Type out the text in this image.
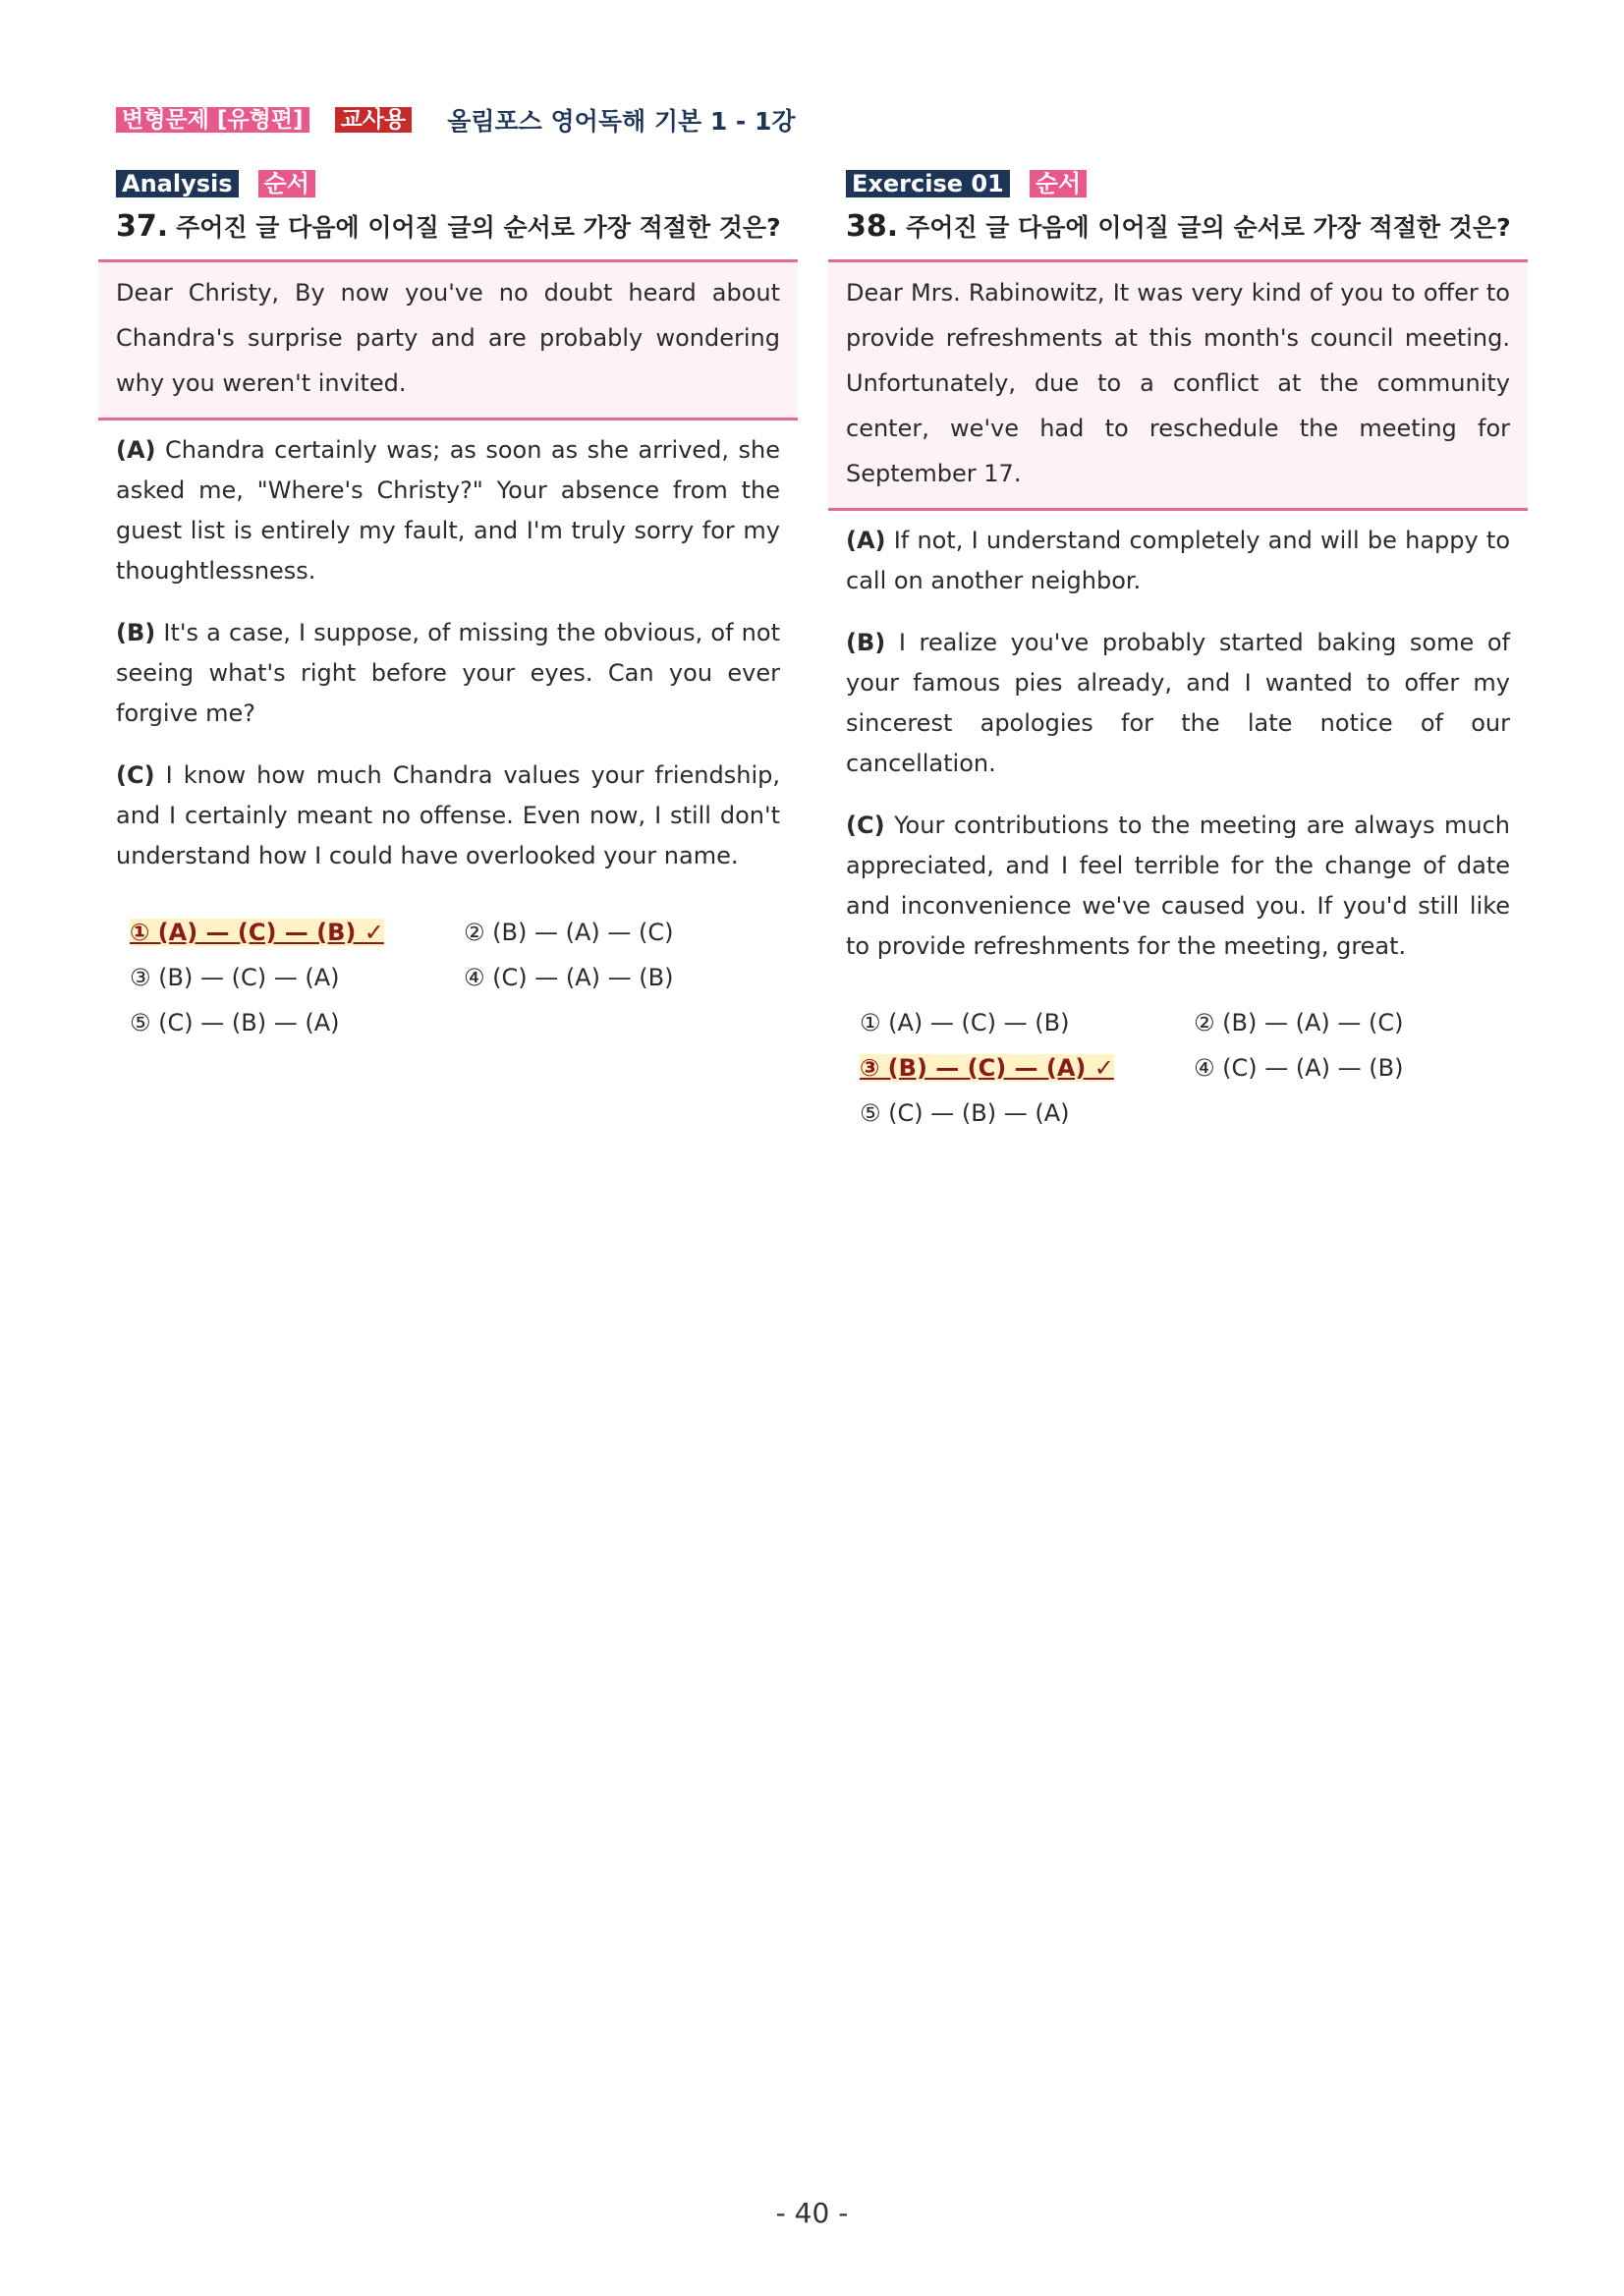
변형문제 [유형편] 교사용 올림포스 영어독해 기본 1 - 1강
Analysis 순서
37. 주어진 글 다음에 이어질 글의 순서로 가장 적절한 것은?
Dear Christy, By now you've no doubt heard about Chandra's surprise party and are probably wondering why you weren't invited.
(A) Chandra certainly was; as soon as she arrived, she asked me, "Where's Christy?" Your absence from the guest list is entirely my fault, and I'm truly sorry for my thoughtlessness.
(B) It's a case, I suppose, of missing the obvious, of not seeing what's right before your eyes. Can you ever forgive me?
(C) I know how much Chandra values your friendship, and I certainly meant no offense. Even now, I still don't understand how I could have overlooked your name.
① (A) — (C) — (B) ✓	② (B) — (A) — (C)
③ (B) — (C) — (A)	④ (C) — (A) — (B)
⑤ (C) — (B) — (A)
Exercise 01 순서
38. 주어진 글 다음에 이어질 글의 순서로 가장 적절한 것은?
Dear Mrs. Rabinowitz, It was very kind of you to offer to provide refreshments at this month's council meeting. Unfortunately, due to a conflict at the community center, we've had to reschedule the meeting for September 17.
(A) If not, I understand completely and will be happy to call on another neighbor.
(B) I realize you've probably started baking some of your famous pies already, and I wanted to offer my sincerest apologies for the late notice of our cancellation.
(C) Your contributions to the meeting are always much appreciated, and I feel terrible for the change of date and inconvenience we've caused you. If you'd still like to provide refreshments for the meeting, great.
① (A) — (C) — (B)	② (B) — (A) — (C)
③ (B) — (C) — (A) ✓	④ (C) — (A) — (B)
⑤ (C) — (B) — (A)
- 40 -
